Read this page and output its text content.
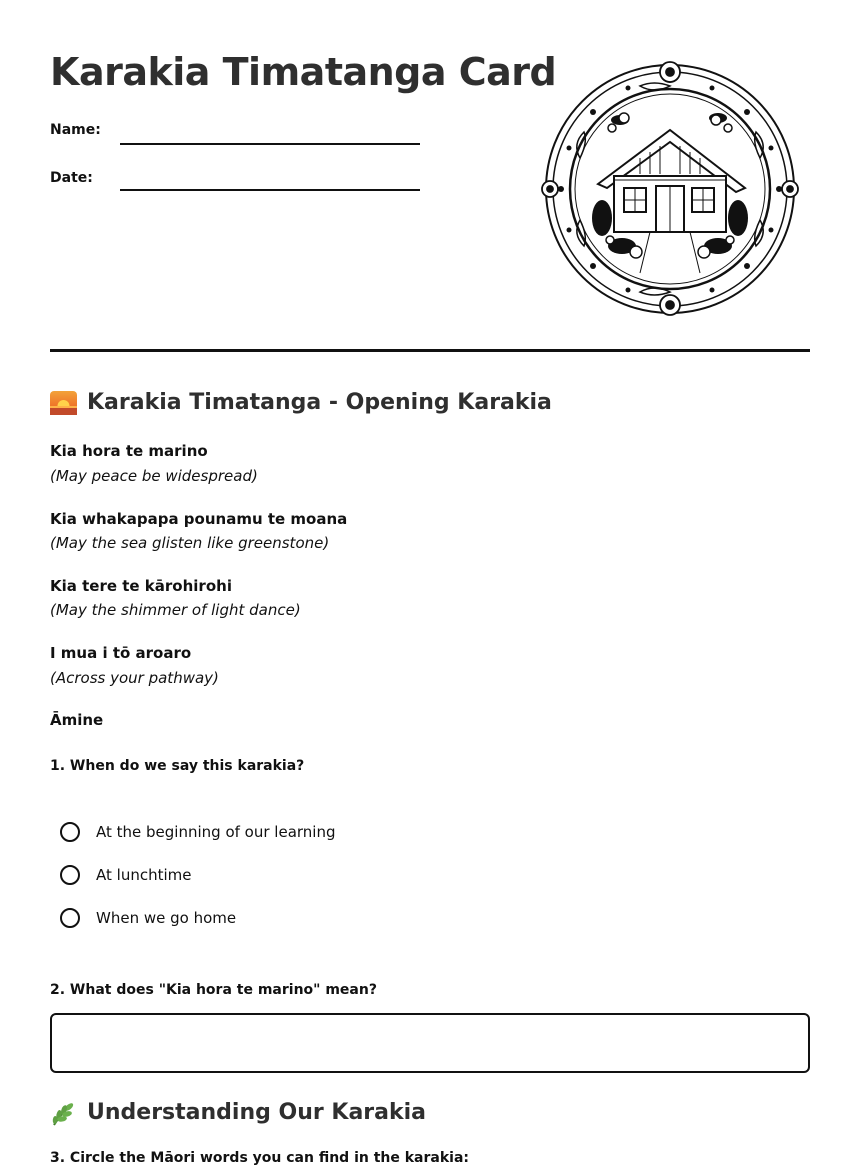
Karakia Timatanga Card
Name:
Date:
Karakia Timatanga - Opening Karakia
Kia hora te marino
(May peace be widespread)
Kia whakapapa pounamu te moana
(May the sea glisten like greenstone)
Kia tere te kārohirohi
(May the shimmer of light dance)
I mua i tō aroaro
(Across your pathway)
Āmine
1. When do we say this karakia?
At the beginning of our learning
At lunchtime
When we go home
2. What does "Kia hora te marino" mean?
Understanding Our Karakia
3. Circle the Māori words you can find in the karakia:
